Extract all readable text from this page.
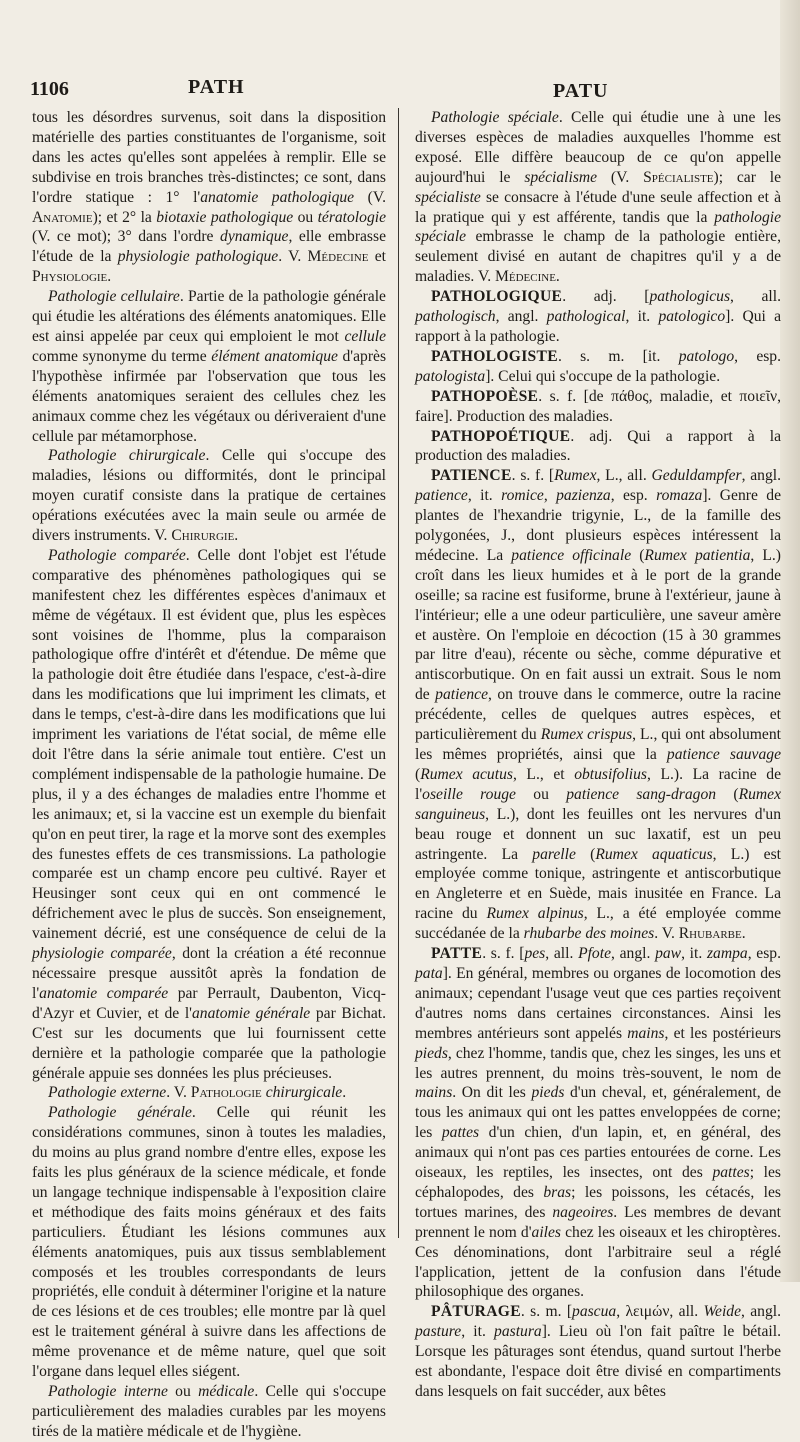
1106	PATH	PATU

tous les désordres survenus, soit dans la disposition matérielle des parties constituantes de l'organisme, soit dans les actes qu'elles sont appelées à remplir. Elle se subdivise en trois branches très-distinctes; ce sont, dans l'ordre statique : 1° l'anatomie pathologique (V. Anatomie); et 2° la biotaxie pathologique ou tératologie (V. ce mot); 3° dans l'ordre dynamique, elle embrasse l'étude de la physiologie pathologique. V. Médecine et Physiologie.

Pathologie cellulaire. Partie de la pathologie générale qui étudie les altérations des éléments anatomiques. Elle est ainsi appelée par ceux qui emploient le mot cellule comme synonyme du terme élément anatomique d'après l'hypothèse infirmée par l'observation que tous les éléments anatomiques seraient des cellules chez les animaux comme chez les végétaux ou dériveraient d'une cellule par métamorphose.

Pathologie chirurgicale. Celle qui s'occupe des maladies, lésions ou difformités, dont le principal moyen curatif consiste dans la pratique de certaines opérations exécutées avec la main seule ou armée de divers instruments. V. Chirurgie.

Pathologie comparée. Celle dont l'objet est l'étude comparative des phénomènes pathologiques qui se manifestent chez les différentes espèces d'animaux et même de végétaux. Il est évident que, plus les espèces sont voisines de l'homme, plus la comparaison pathologique offre d'intérêt et d'étendue. De même que la pathologie doit être étudiée dans l'espace, c'est-à-dire dans les modifications que lui impriment les climats, et dans le temps, c'est-à-dire dans les modifications que lui impriment les variations de l'état social, de même elle doit l'être dans la série animale tout entière. C'est un complément indispensable de la pathologie humaine. De plus, il y a des échanges de maladies entre l'homme et les animaux; et, si la vaccine est un exemple du bienfait qu'on en peut tirer, la rage et la morve sont des exemples des funestes effets de ces transmissions. La pathologie comparée est un champ encore peu cultivé. Rayer et Heusinger sont ceux qui en ont commencé le défrichement avec le plus de succès. Son enseignement, vainement décrié, est une conséquence de celui de la physiologie comparée, dont la création a été reconnue nécessaire presque aussitôt après la fondation de l'anatomie comparée par Perrault, Daubenton, Vicq-d'Azyr et Cuvier, et de l'anatomie générale par Bichat. C'est sur les documents que lui fournissent cette dernière et la pathologie comparée que la pathologie générale appuie ses données les plus précieuses.

Pathologie externe. V. Pathologie chirurgicale.

Pathologie générale. Celle qui réunit les considérations communes, sinon à toutes les maladies, du moins au plus grand nombre d'entre elles, expose les faits les plus généraux de la science médicale, et fonde un langage technique indispensable à l'exposition claire et méthodique des faits moins généraux et des faits particuliers. Étudiant les lésions communes aux éléments anatomiques, puis aux tissus semblablement composés et les troubles correspondants de leurs propriétés, elle conduit à déterminer l'origine et la nature de ces lésions et de ces troubles; elle montre par là quel est le traitement général à suivre dans les affections de même provenance et de même nature, quel que soit l'organe dans lequel elles siégent.

Pathologie interne ou médicale. Celle qui s'occupe particulièrement des maladies curables par les moyens tirés de la matière médicale et de l'hygiène.

Pathologie spéciale. Celle qui étudie une à une les diverses espèces de maladies auxquelles l'homme est exposé. Elle diffère beaucoup de ce qu'on appelle aujourd'hui le spécialisme (V. Spécialiste); car le spécialiste se consacre à l'étude d'une seule affection et à la pratique qui y est afférente, tandis que la pathologie spéciale embrasse le champ de la pathologie entière, seulement divisé en autant de chapitres qu'il y a de maladies. V. Médecine.

PATHOLOGIQUE. adj. [pathologicus, all. pathologisch, angl. pathological, it. patologico]. Qui a rapport à la pathologie.

PATHOLOGISTE. s. m. [it. patologo, esp. patologista]. Celui qui s'occupe de la pathologie.

PATHOPOÈSE. s. f. [de πάθος, maladie, et ποιεῖν, faire]. Production des maladies.

PATHOPOÉTIQUE. adj. Qui a rapport à la production des maladies.

PATIENCE. s. f. [Rumex, L., all. Geduldampfer, angl. patience, it. romice, pazienza, esp. romaza]. Genre de plantes de l'hexandrie trigynie, L., de la famille des polygonées, J., dont plusieurs espèces intéressent la médecine. La patience officinale (Rumex patientia, L.) croît dans les lieux humides et à le port de la grande oseille; sa racine est fusiforme, brune à l'extérieur, jaune à l'intérieur; elle a une odeur particulière, une saveur amère et austère. On l'emploie en décoction (15 à 30 grammes par litre d'eau), récente ou sèche, comme dépurative et antiscorbutique. On en fait aussi un extrait. Sous le nom de patience, on trouve dans le commerce, outre la racine précédente, celles de quelques autres espèces, et particulièrement du Rumex crispus, L., qui ont absolument les mêmes propriétés, ainsi que la patience sauvage (Rumex acutus, L., et obtusifolius, L.). La racine de l'oseille rouge ou patience sang-dragon (Rumex sanguineus, L.), dont les feuilles ont les nervures d'un beau rouge et donnent un suc laxatif, est un peu astringente. La parelle (Rumex aquaticus, L.) est employée comme tonique, astringente et antiscorbutique en Angleterre et en Suède, mais inusitée en France. La racine du Rumex alpinus, L., a été employée comme succédanée de la rhubarbe des moines. V. Rhubarbe.

PATTE. s. f. [pes, all. Pfote, angl. paw, it. zampa, esp. pata]. En général, membres ou organes de locomotion des animaux; cependant l'usage veut que ces parties reçoivent d'autres noms dans certaines circonstances. Ainsi les membres antérieurs sont appelés mains, et les postérieurs pieds, chez l'homme, tandis que, chez les singes, les uns et les autres prennent, du moins très-souvent, le nom de mains. On dit les pieds d'un cheval, et, généralement, de tous les animaux qui ont les pattes enveloppées de corne; les pattes d'un chien, d'un lapin, et, en général, des animaux qui n'ont pas ces parties entourées de corne. Les oiseaux, les reptiles, les insectes, ont des pattes; les céphalopodes, des bras; les poissons, les cétacés, les tortues marines, des nageoires. Les membres de devant prennent le nom d'ailes chez les oiseaux et les chiroptères. Ces dénominations, dont l'arbitraire seul a réglé l'application, jettent de la confusion dans l'étude philosophique des organes.

PÂTURAGE. s. m. [pascua, λειμών, all. Weide, angl. pasture, it. pastura]. Lieu où l'on fait paître le bétail. Lorsque les pâturages sont étendus, quand surtout l'herbe est abondante, l'espace doit être divisé en compartiments dans lesquels on fait succéder, aux bêtes
